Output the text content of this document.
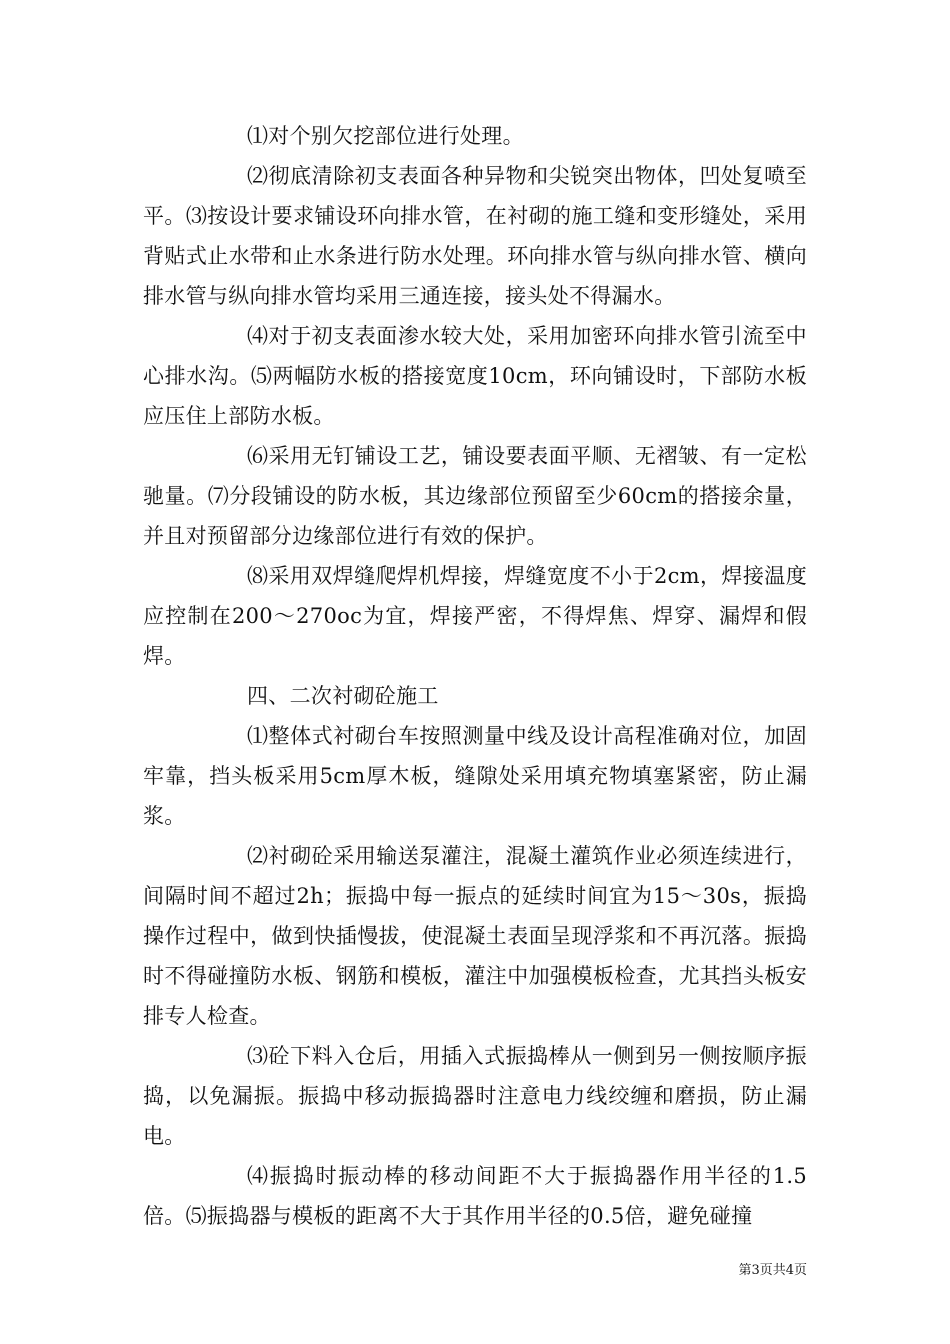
⑴对个别欠挖部位进行处理。

⑵彻底清除初支表面各种异物和尖锐突出物体，凹处复喷至平。⑶按设计要求铺设环向排水管，在衬砌的施工缝和变形缝处，采用背贴式止水带和止水条进行防水处理。环向排水管与纵向排水管、横向排水管与纵向排水管均采用三通连接，接头处不得漏水。

⑷对于初支表面渗水较大处，采用加密环向排水管引流至中心排水沟。⑸两幅防水板的搭接宽度10cm，环向铺设时，下部防水板应压住上部防水板。

⑹采用无钉铺设工艺，铺设要表面平顺、无褶皱、有一定松驰量。⑺分段铺设的防水板，其边缘部位预留至少60cm的搭接余量，并且对预留部分边缘部位进行有效的保护。

⑻采用双焊缝爬焊机焊接，焊缝宽度不小于2cm，焊接温度应控制在200～270oc为宜，焊接严密，不得焊焦、焊穿、漏焊和假焊。

四、二次衬砌砼施工

⑴整体式衬砌台车按照测量中线及设计高程准确对位，加固牢靠，挡头板采用5cm厚木板，缝隙处采用填充物填塞紧密，防止漏浆。

⑵衬砌砼采用输送泵灌注，混凝土灌筑作业必须连续进行，间隔时间不超过2h；振捣中每一振点的延续时间宜为15～30s，振捣操作过程中，做到快插慢拔，使混凝土表面呈现浮浆和不再沉落。振捣时不得碰撞防水板、钢筋和模板，灌注中加强模板检查，尤其挡头板安排专人检查。

⑶砼下料入仓后，用插入式振捣棒从一侧到另一侧按顺序振捣，以免漏振。振捣中移动振捣器时注意电力线绞缠和磨损，防止漏电。

⑷振捣时振动棒的移动间距不大于振捣器作用半径的1.5倍。⑸振捣器与模板的距离不大于其作用半径的0.5倍，避免碰撞

第3页共4页
